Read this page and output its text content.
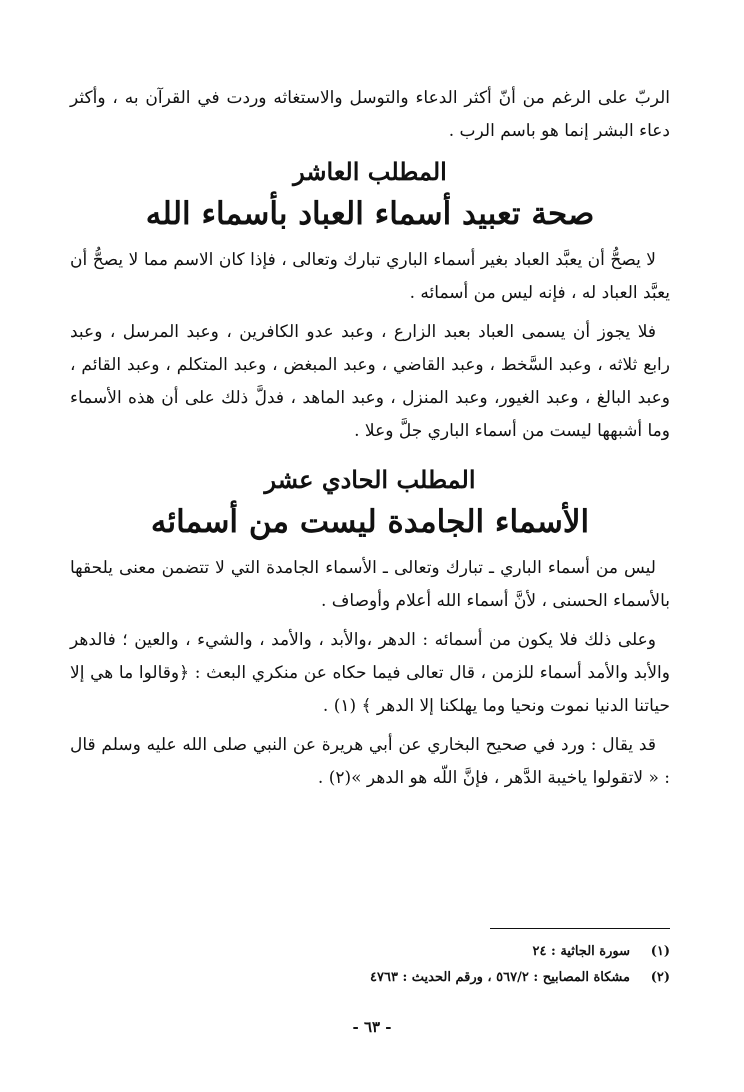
الربّ على الرغم من أنّ أكثر الدعاء والتوسل والاستغاثه وردت في القرآن به ، وأكثر دعاء البشر إنما هو باسم الرب .

المطلب العاشر
صحة تعبيد أسماء العباد بأسماء الله

لا يصحُّ أن يعبَّد العباد بغير أسماء الباري تبارك وتعالى ، فإذا كان الاسم مما لا يصحُّ أن يعبَّد العباد له ، فإنه ليس من أسمائه .

فلا يجوز أن يسمى العباد بعبد الزارع ، وعبد عدو الكافرين ، وعبد المرسل ، وعبد رابع ثلاثه ، وعبد السَّخط ، وعبد القاضي ، وعبد المبغض ، وعبد المتكلم ، وعبد القائم ، وعبد البالغ ، وعبد الغيور، وعبد المنزل ، وعبد الماهد ، فدلَّ ذلك على أن هذه الأسماء وما أشبهها ليست من أسماء الباري جلَّ وعلا .

المطلب الحادي عشر
الأسماء الجامدة ليست من أسمائه

ليس من أسماء الباري ـ تبارك وتعالى ـ الأسماء الجامدة التي لا تتضمن معنى يلحقها بالأسماء الحسنى ، لأنَّ أسماء الله أعلام وأوصاف .

وعلى ذلك فلا يكون من أسمائه : الدهر ،والأبد ، والأمد ، والشيء ، والعين ؛ فالدهر والأبد والأمد أسماء للزمن ، قال تعالى فيما حكاه عن منكري البعث : ﴿وقالوا ما هي إلا حياتنا الدنيا نموت ونحيا وما يهلكنا إلا الدهر ﴾ (١) .

قد يقال : ورد في صحيح البخاري عن أبي هريرة عن النبي صلى الله عليه وسلم قال : « لاتقولوا ياخيبة الدَّهر ، فإنَّ اللّه هو الدهر »(٢) .

(١)
سورة الجاثية : ٢٤
(٢)
مشكاة المصابيح : ٥٦٧/٢ ، ورقم الحديث : ٤٧٦٣
- ٦٣ -
